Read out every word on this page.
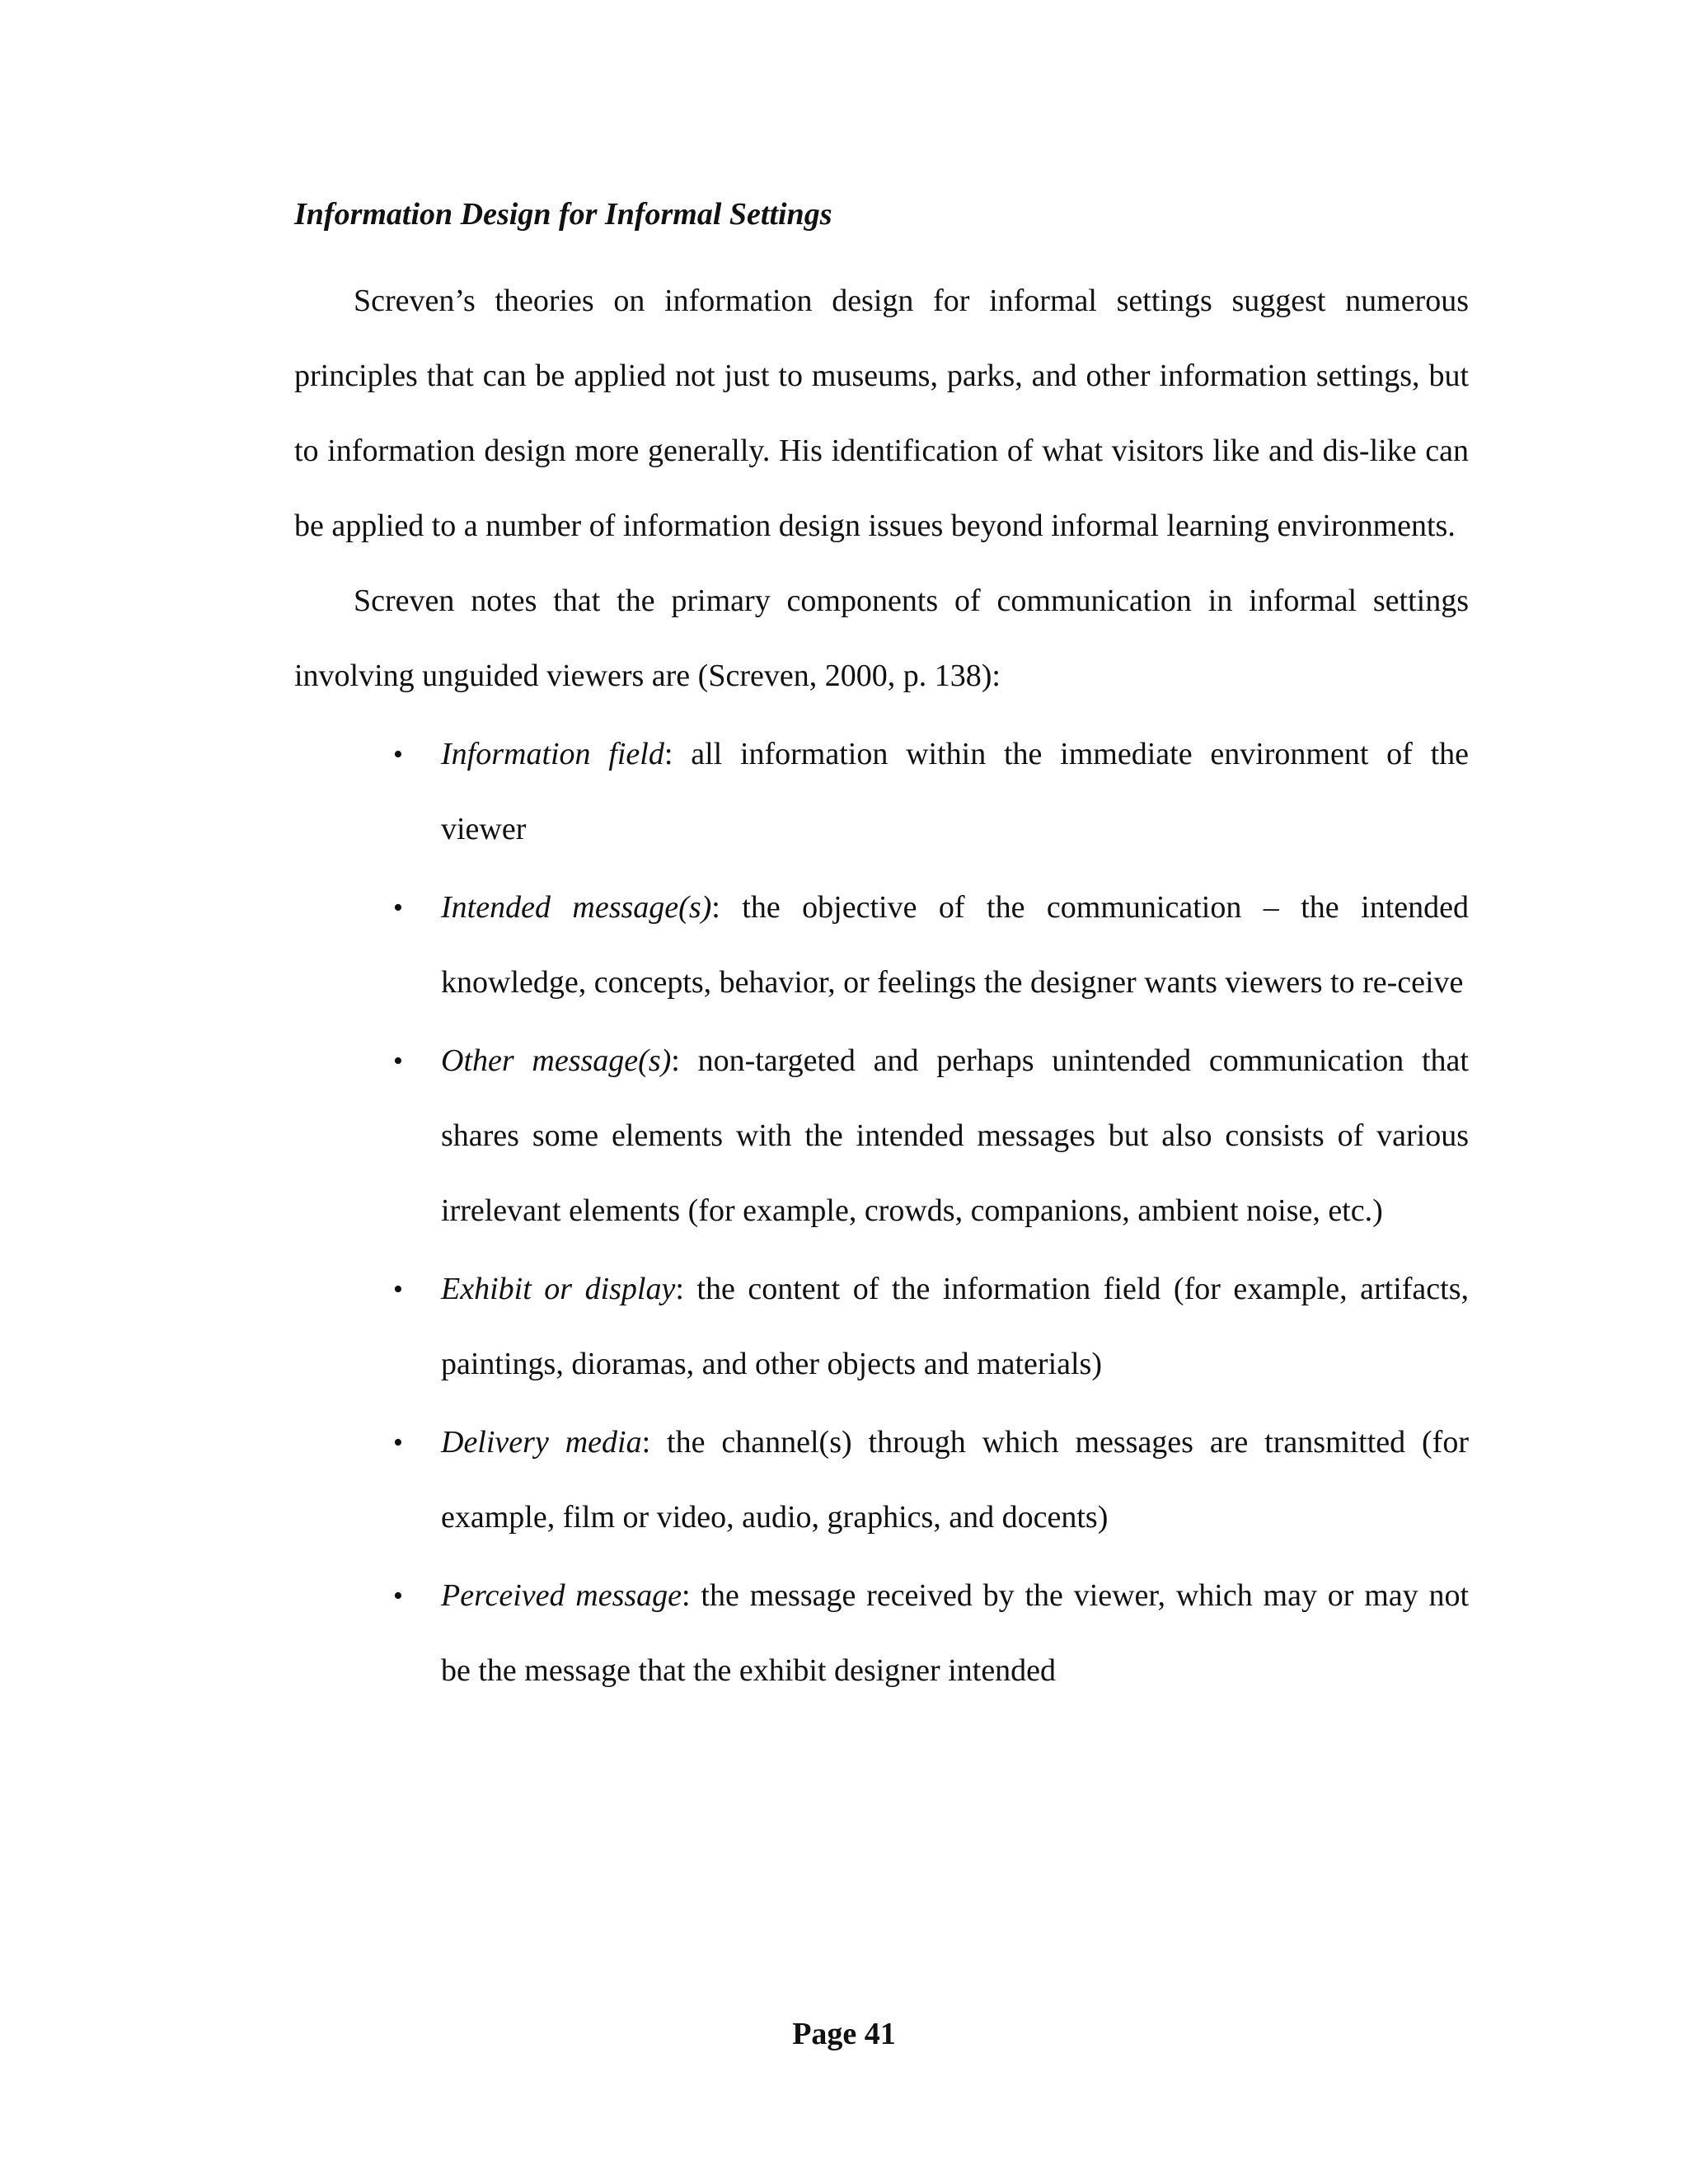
Information Design for Informal Settings

Screven’s theories on information design for informal settings suggest numerous principles that can be applied not just to museums, parks, and other information settings, but to information design more generally. His identification of what visitors like and dis-like can be applied to a number of information design issues beyond informal learning environments.

Screven notes that the primary components of communication in informal settings involving unguided viewers are (Screven, 2000, p. 138):

• Information field: all information within the immediate environment of the viewer
• Intended message(s): the objective of the communication – the intended knowledge, concepts, behavior, or feelings the designer wants viewers to re-ceive
• Other message(s): non-targeted and perhaps unintended communication that shares some elements with the intended messages but also consists of various irrelevant elements (for example, crowds, companions, ambient noise, etc.)
• Exhibit or display: the content of the information field (for example, artifacts, paintings, dioramas, and other objects and materials)
• Delivery media: the channel(s) through which messages are transmitted (for example, film or video, audio, graphics, and docents)
• Perceived message: the message received by the viewer, which may or may not be the message that the exhibit designer intended
Page 41
